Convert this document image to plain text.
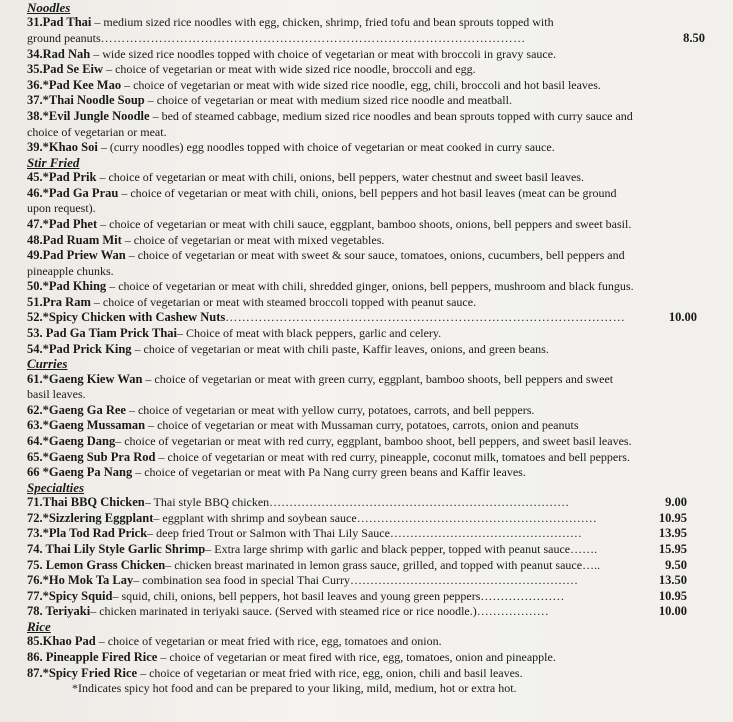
Noodles
31.Pad Thai – medium sized rice noodles with egg, chicken, shrimp, fried tofu and bean sprouts topped with
ground peanuts …………………………………………………………………………………………	8.50
34.Rad Nah – wide sized rice noodles topped with choice of vegetarian or meat with broccoli in gravy sauce.
35.Pad Se Eiw – choice of vegetarian or meat with wide sized rice noodle, broccoli and egg.
36.*Pad Kee Mao – choice of vegetarian or meat with wide sized rice noodle, egg, chili, broccoli and hot basil leaves.
37.*Thai Noodle Soup – choice of vegetarian or meat with medium sized rice noodle and meatball.
38.*Evil Jungle Noodle – bed of steamed cabbage, medium sized rice noodles and bean sprouts topped with curry sauce and
choice of vegetarian or meat.
39.*Khao Soi – (curry noodles) egg noodles topped with choice of vegetarian or meat cooked in curry sauce.
Stir Fried
45.*Pad Prik – choice of vegetarian or meat with chili, onions, bell peppers, water chestnut and sweet basil leaves.
46.*Pad Ga Prau – choice of vegetarian or meat with chili, onions, bell peppers and hot basil leaves (meat can be ground
upon request).
47.*Pad Phet – choice of vegetarian or meat with chili sauce, eggplant, bamboo shoots, onions, bell peppers and sweet basil.
48.Pad Ruam Mit – choice of vegetarian or meat with mixed vegetables.
49.Pad Priew Wan – choice of vegetarian or meat with sweet & sour sauce, tomatoes, onions, cucumbers, bell peppers and
pineapple chunks.
50.*Pad Khing – choice of vegetarian or meat with chili, shredded ginger, onions, bell peppers, mushroom and black fungus.
51.Pra Ram – choice of vegetarian or meat with steamed broccoli topped with peanut sauce.
52.*Spicy Chicken with Cashew Nuts ……………………………………………………………………………………	10.00
53. Pad Ga Tiam Prick Thai– Choice of meat with black peppers, garlic and celery.
54.*Pad Prick King – choice of vegetarian or meat with chili paste, Kaffir leaves, onions, and green beans.
Curries
61.*Gaeng Kiew Wan – choice of vegetarian or meat with green curry, eggplant, bamboo shoots, bell peppers and sweet
basil leaves.
62.*Gaeng Ga Ree – choice of vegetarian or meat with yellow curry, potatoes, carrots, and bell peppers.
63.*Gaeng Mussaman – choice of vegetarian or meat with Mussaman curry, potatoes, carrots, onion and peanuts
64.*Gaeng Dang– choice of vegetarian or meat with red curry, eggplant, bamboo shoot, bell peppers, and sweet basil leaves.
65.*Gaeng Sub Pra Rod – choice of vegetarian or meat with red curry, pineapple, coconut milk, tomatoes and bell peppers.
66 *Gaeng Pa Nang – choice of vegetarian or meat with Pa Nang curry green beans and Kaffir leaves.
Specialties
71.Thai BBQ Chicken – Thai style BBQ chicken…………………………………………………………………	9.00
72.*Sizzlering Eggplant – eggplant with shrimp and soybean sauce……………………………………………………	10.95
73.*Pla Tod Rad Prick – deep fried Trout or Salmon with Thai Lily Sauce…………………………………………	13.95
74. Thai Lily Style Garlic Shrimp – Extra large shrimp with garlic and black pepper, topped with peanut sauce…….	15.95
75. Lemon Grass Chicken – chicken breast marinated in lemon grass sauce, grilled, and topped with peanut sauce…..	9.50
76.*Ho Mok Ta Lay – combination sea food in special Thai Curry…………………………………………………	13.50
77.*Spicy Squid – squid, chili, onions, bell peppers, hot basil leaves and young green peppers…………………	10.95
78. Teriyaki – chicken marinated in teriyaki sauce. (Served with steamed rice or rice noodle.)………………	10.00
Rice
85.Khao Pad – choice of vegetarian or meat fried with rice, egg, tomatoes and onion.
86. Pineapple Fired Rice – choice of vegetarian or meat fired with rice, egg, tomatoes, onion and pineapple.
87.*Spicy Fried Rice – choice of vegetarian or meat fried with rice, egg, onion, chili and basil leaves.
*Indicates spicy hot food and can be prepared to your liking, mild, medium, hot or extra hot.
